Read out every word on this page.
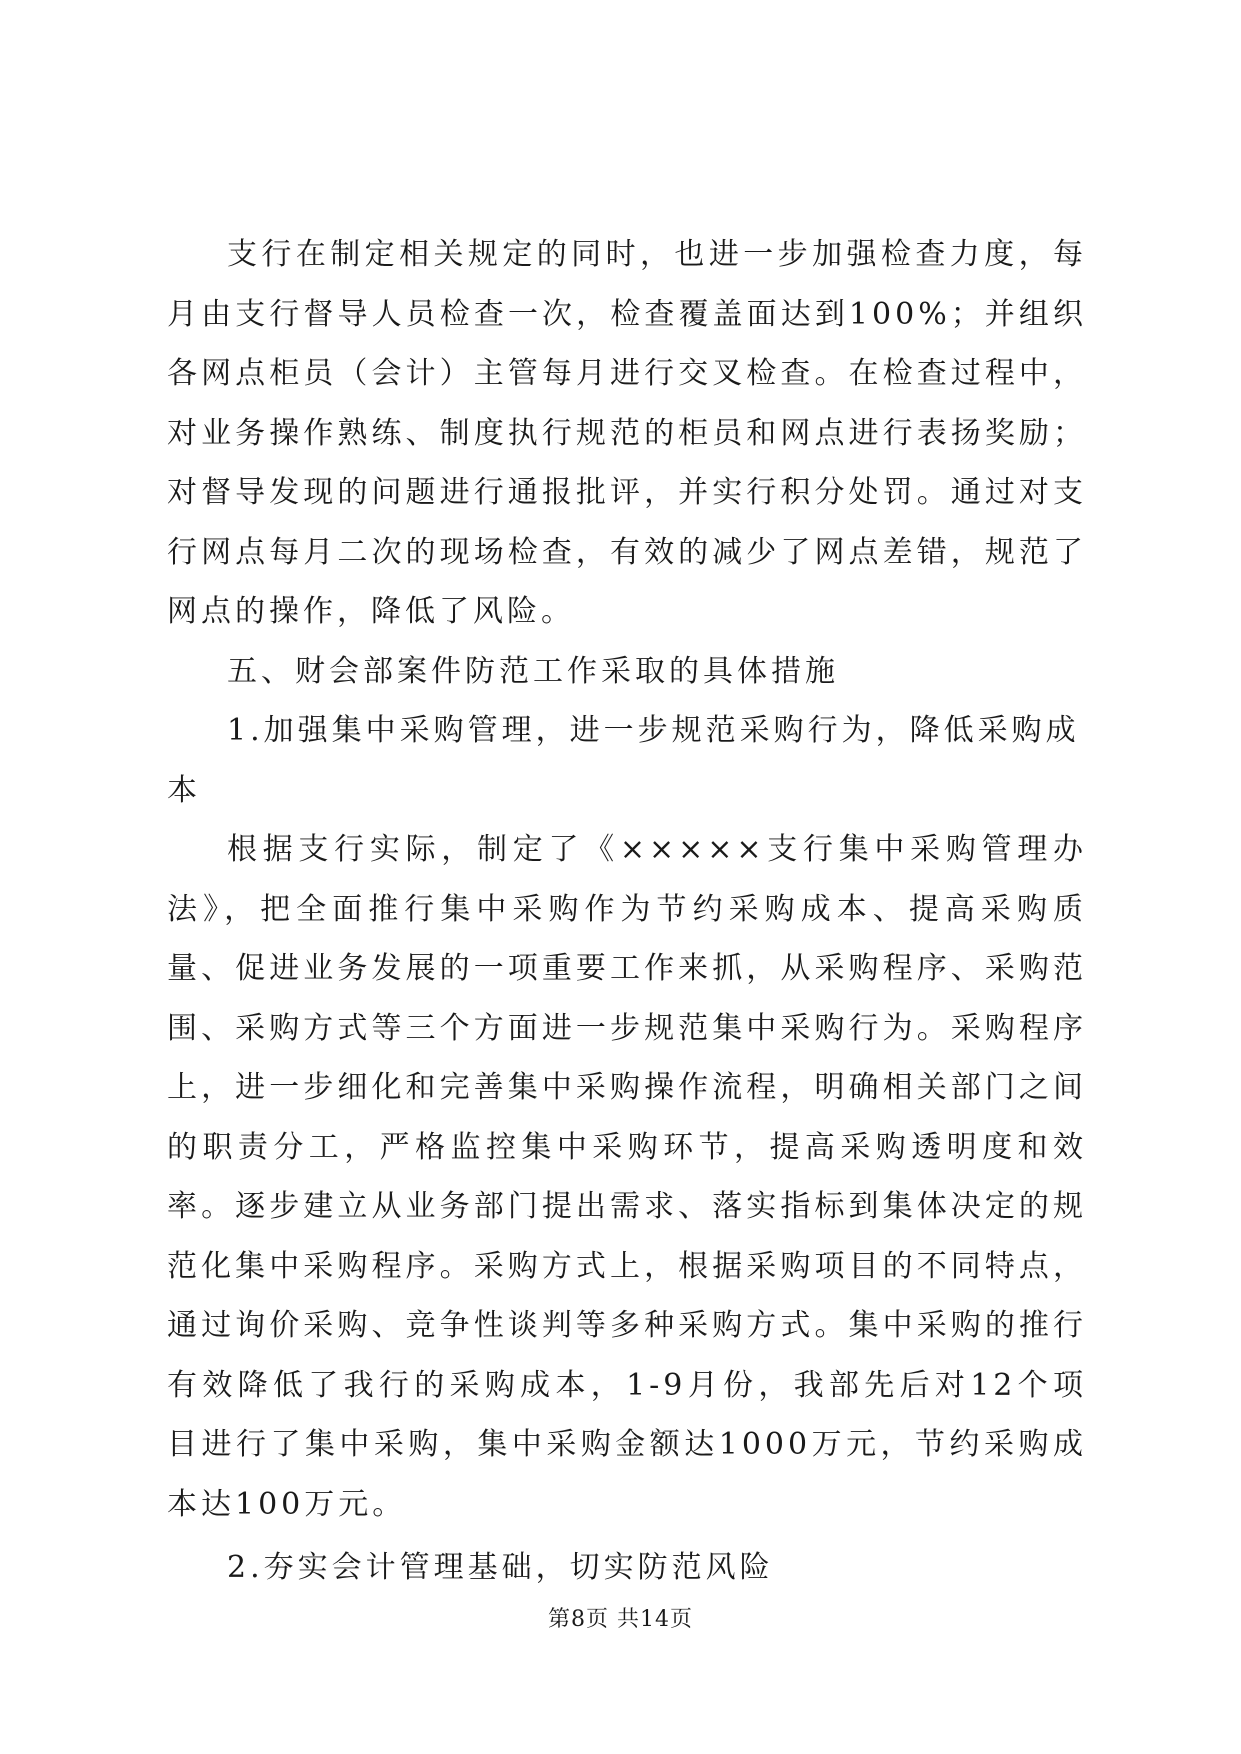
支行在制定相关规定的同时，也进一步加强检查力度，每月由支行督导人员检查一次，检查覆盖面达到100%；并组织各网点柜员（会计）主管每月进行交叉检查。在检查过程中，对业务操作熟练、制度执行规范的柜员和网点进行表扬奖励；对督导发现的问题进行通报批评，并实行积分处罚。通过对支行网点每月二次的现场检查，有效的减少了网点差错，规范了网点的操作，降低了风险。

五、财会部案件防范工作采取的具体措施

1.加强集中采购管理，进一步规范采购行为，降低采购成本

根据支行实际，制定了《×××××支行集中采购管理办法》，把全面推行集中采购作为节约采购成本、提高采购质量、促进业务发展的一项重要工作来抓，从采购程序、采购范围、采购方式等三个方面进一步规范集中采购行为。采购程序上，进一步细化和完善集中采购操作流程，明确相关部门之间的职责分工，严格监控集中采购环节，提高采购透明度和效率。逐步建立从业务部门提出需求、落实指标到集体决定的规范化集中采购程序。采购方式上，根据采购项目的不同特点，通过询价采购、竞争性谈判等多种采购方式。集中采购的推行有效降低了我行的采购成本，1-9月份，我部先后对12个项目进行了集中采购，集中采购金额达1000万元，节约采购成本达100万元。

2.夯实会计管理基础，切实防范风险

第8页 共14页
